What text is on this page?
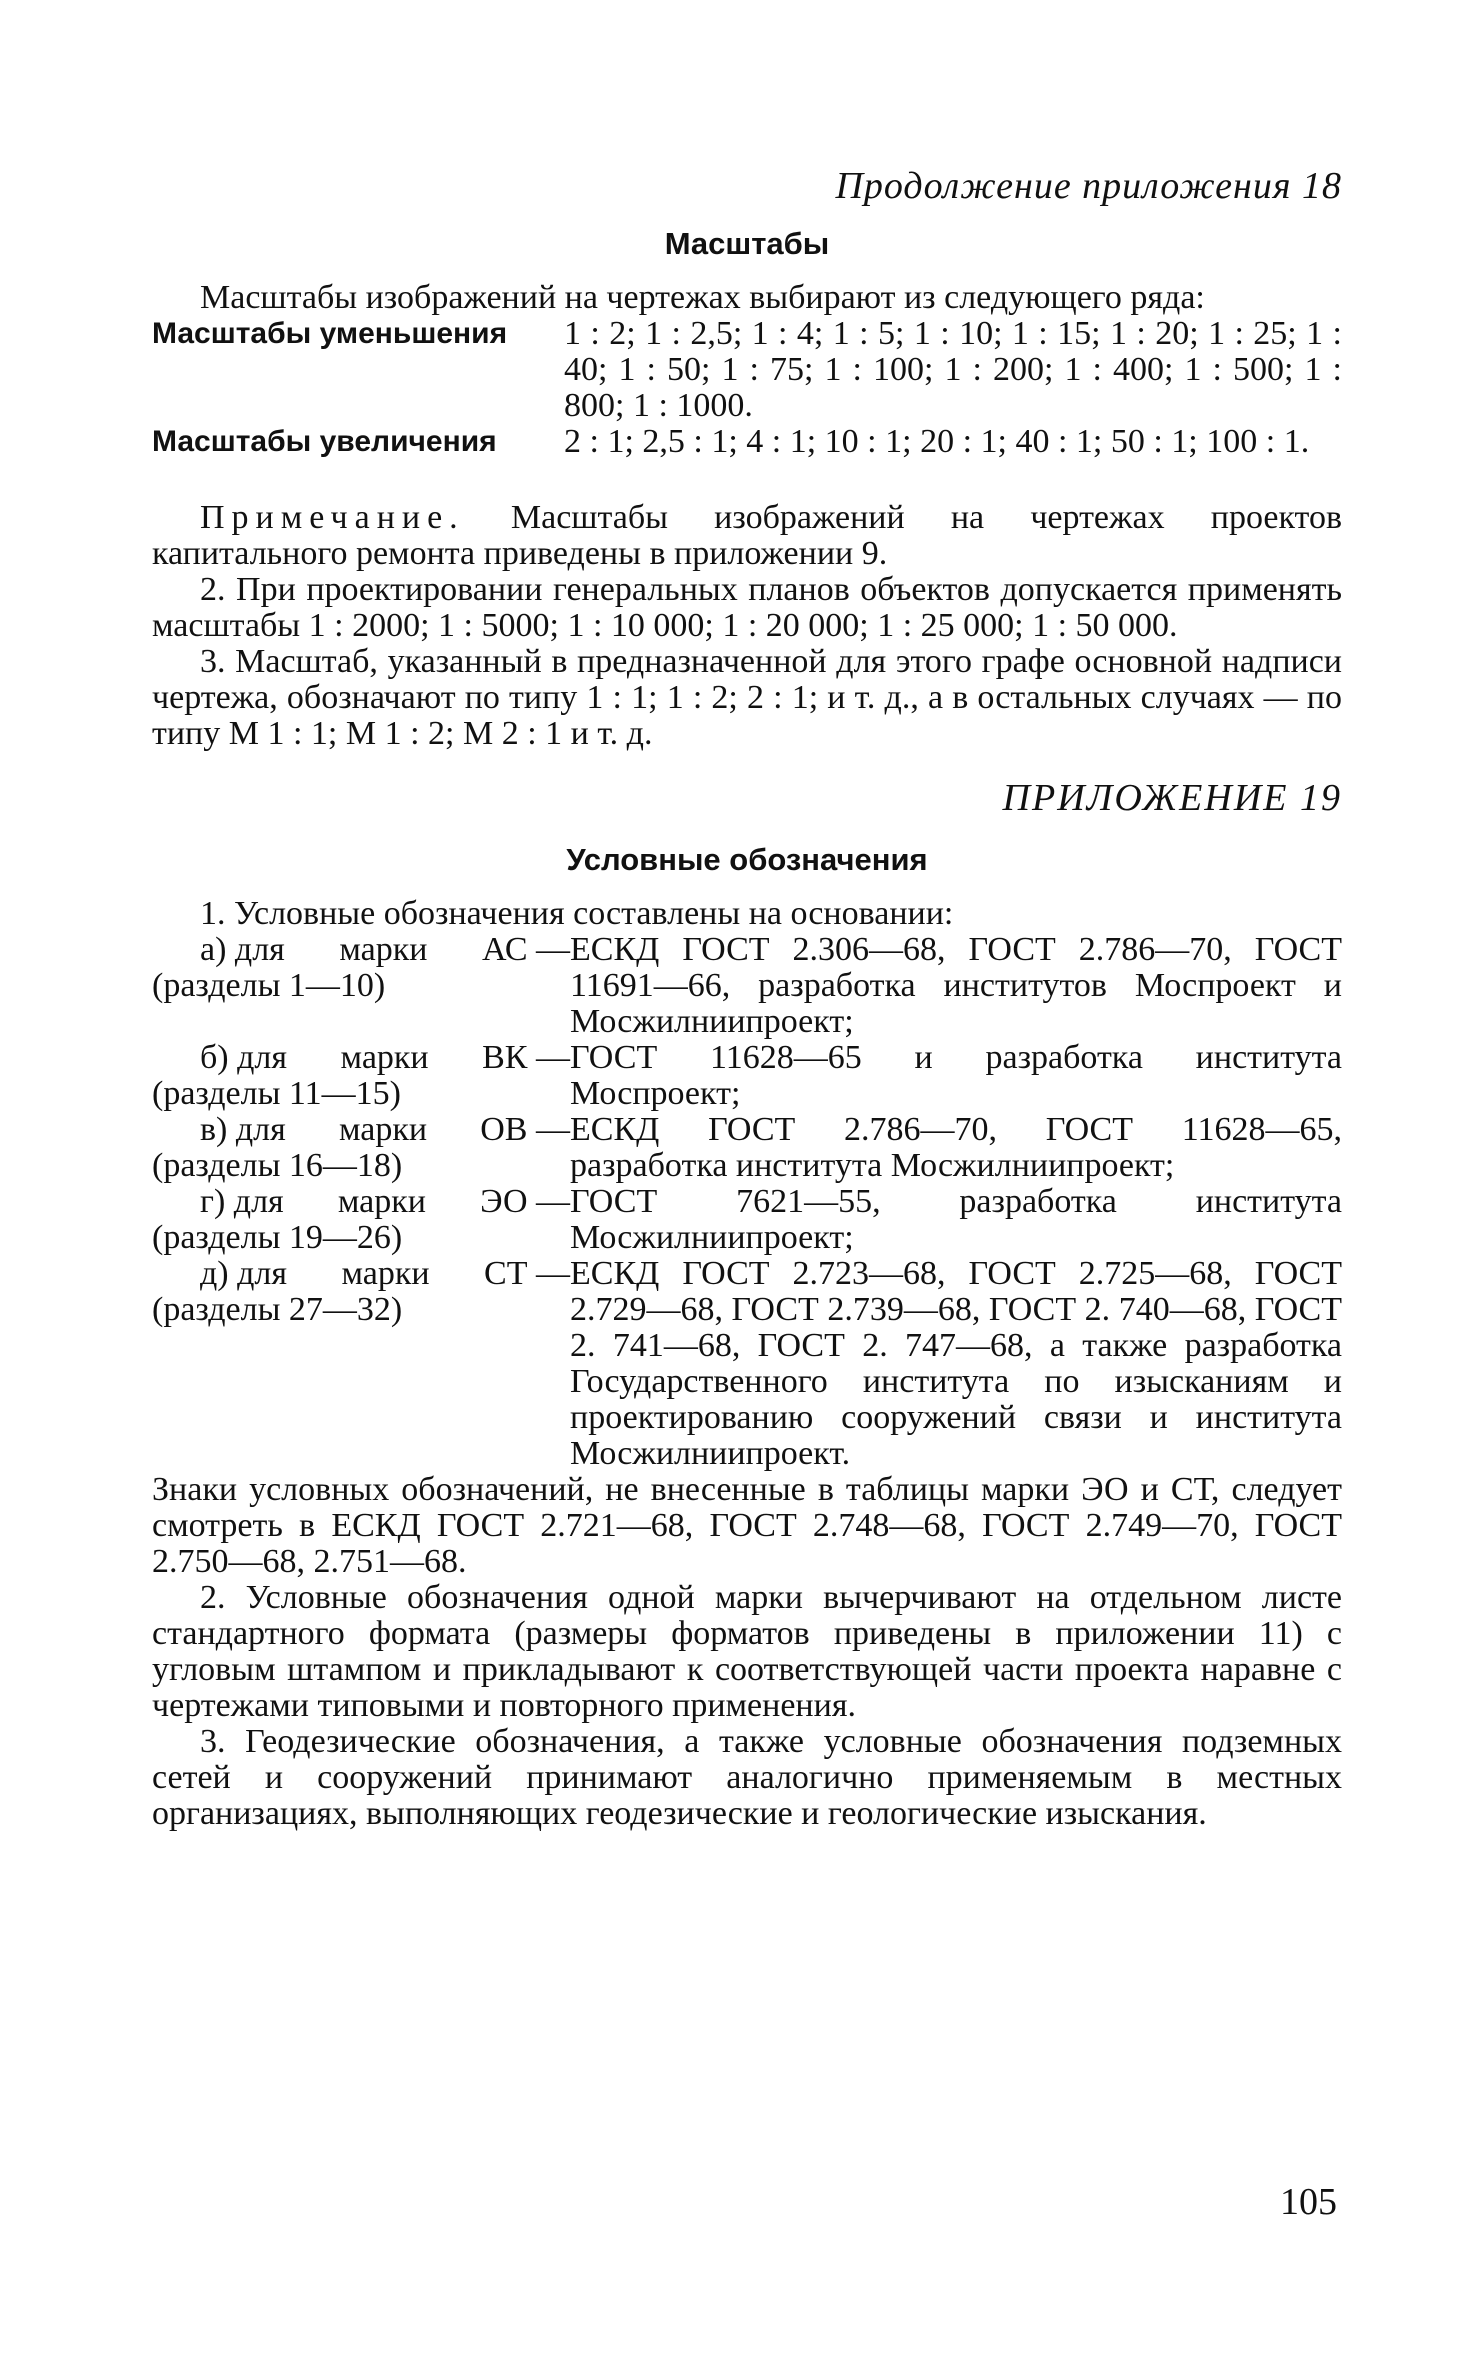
Продолжение приложения 18
Масштабы

Масштабы изображений на чертежах выбирают из следующего ряда:

Масштабы уменьшения	1 : 2; 1 : 2,5; 1 : 4; 1 : 5; 1 : 10; 1 : 15; 1 : 20; 1 : 25; 1 : 40; 1 : 50; 1 : 75; 1 : 100; 1 : 200; 1 : 400; 1 : 500; 1 : 800; 1 : 1000.
Масштабы увеличения	2 : 1; 2,5 : 1; 4 : 1; 10 : 1; 20 : 1; 40 : 1; 50 : 1; 100 : 1.

Примечание. Масштабы изображений на чертежах проектов капитального ремонта приведены в приложении 9.

2. При проектировании генеральных планов объектов допускается применять масштабы 1 : 2000; 1 : 5000; 1 : 10 000; 1 : 20 000; 1 : 25 000; 1 : 50 000.

3. Масштаб, указанный в предназначенной для этого графе основной надписи чертежа, обозначают по типу 1 : 1; 1 : 2; 2 : 1; и т. д., а в остальных случаях — по типу М 1 : 1; М 1 : 2; М 2 : 1 и т. д.

ПРИЛОЖЕНИЕ 19
Условные обозначения

1. Условные обозначения составлены на основании:

а) для марки АС —
(разделы 1—10)
ЕСКД ГОСТ 2.306—68, ГОСТ 2.786—70, ГОСТ 11691—66, разработка институтов Моспроект и Мосжилниипроект;
б) для марки ВК —
(разделы 11—15)
ГОСТ 11628—65 и разработка института Моспроект;
в) для марки ОВ —
(разделы 16—18)
ЕСКД ГОСТ 2.786—70, ГОСТ 11628—65, разработка института Мосжилниипроект;
г) для марки ЭО —
(разделы 19—26)
ГОСТ 7621—55, разработка института Мосжилниипроект;
д) для марки СТ —
(разделы 27—32)
ЕСКД ГОСТ 2.723—68, ГОСТ 2.725—68, ГОСТ 2.729—68, ГОСТ 2.739—68, ГОСТ 2. 740—68, ГОСТ 2. 741—68, ГОСТ 2. 747—68, а также разработка Государственного института по изысканиям и проектированию сооружений связи и института Мосжилниипроект.

Знаки условных обозначений, не внесенные в таблицы марки ЭО и СТ, следует смотреть в ЕСКД ГОСТ 2.721—68, ГОСТ 2.748—68, ГОСТ 2.749—70, ГОСТ 2.750—68, 2.751—68.

2. Условные обозначения одной марки вычерчивают на отдельном листе стандартного формата (размеры форматов приведены в приложении 11) с угловым штампом и прикладывают к соответствующей части проекта наравне с чертежами типовыми и повторного применения.

3. Геодезические обозначения, а также условные обозначения подземных сетей и сооружений принимают аналогично применяемым в местных организациях, выполняющих геодезические и геологические изыскания.

105
